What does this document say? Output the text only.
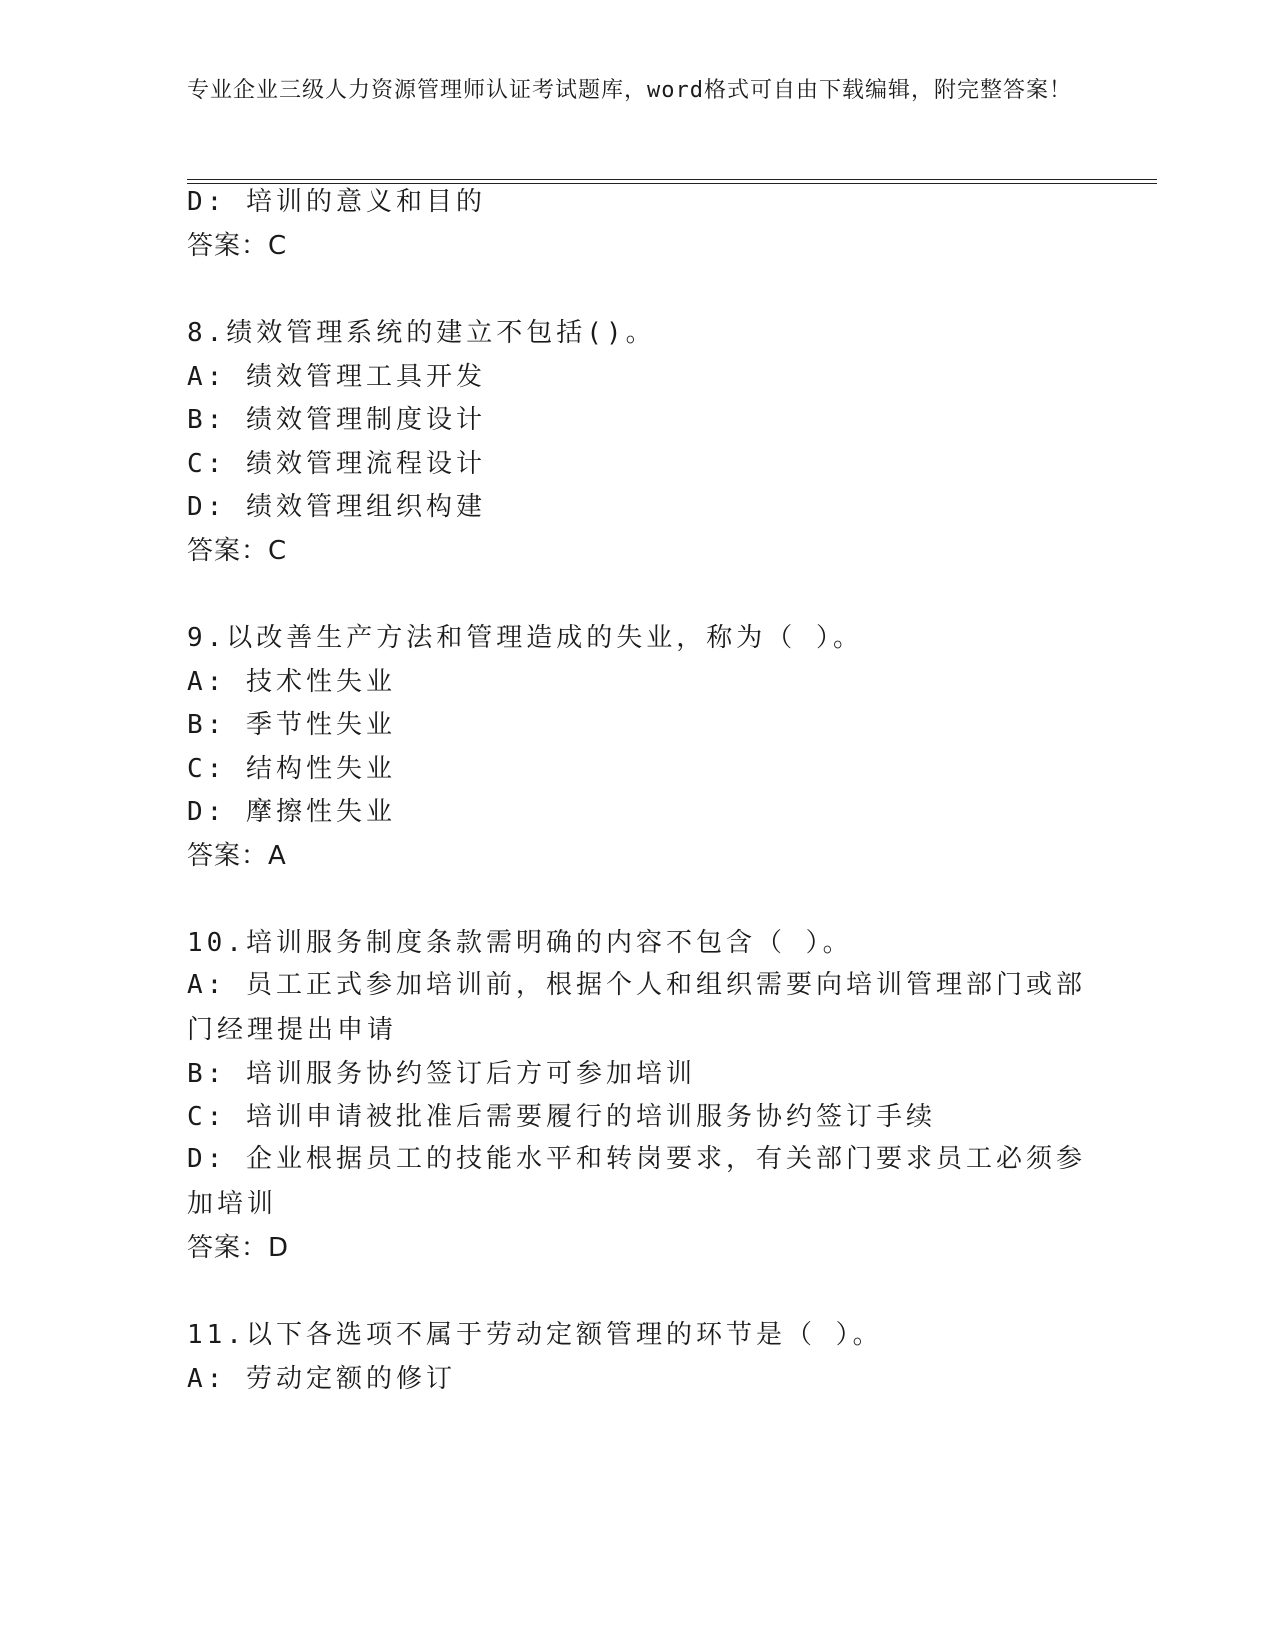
专业企业三级人力资源管理师认证考试题库，word格式可自由下载编辑，附完整答案！
D: 培训的意义和目的
答案：C
8.绩效管理系统的建立不包括()。
A: 绩效管理工具开发
B: 绩效管理制度设计
C: 绩效管理流程设计
D: 绩效管理组织构建
答案：C
9.以改善生产方法和管理造成的失业，称为（ ）。
A: 技术性失业
B: 季节性失业
C: 结构性失业
D: 摩擦性失业
答案：A
10.培训服务制度条款需明确的内容不包含（ ）。
A: 员工正式参加培训前，根据个人和组织需要向培训管理部门或部门经理提出申请
B: 培训服务协约签订后方可参加培训
C: 培训申请被批准后需要履行的培训服务协约签订手续
D: 企业根据员工的技能水平和转岗要求，有关部门要求员工必须参加培训
答案：D
11.以下各选项不属于劳动定额管理的环节是（ ）。
A: 劳动定额的修订
